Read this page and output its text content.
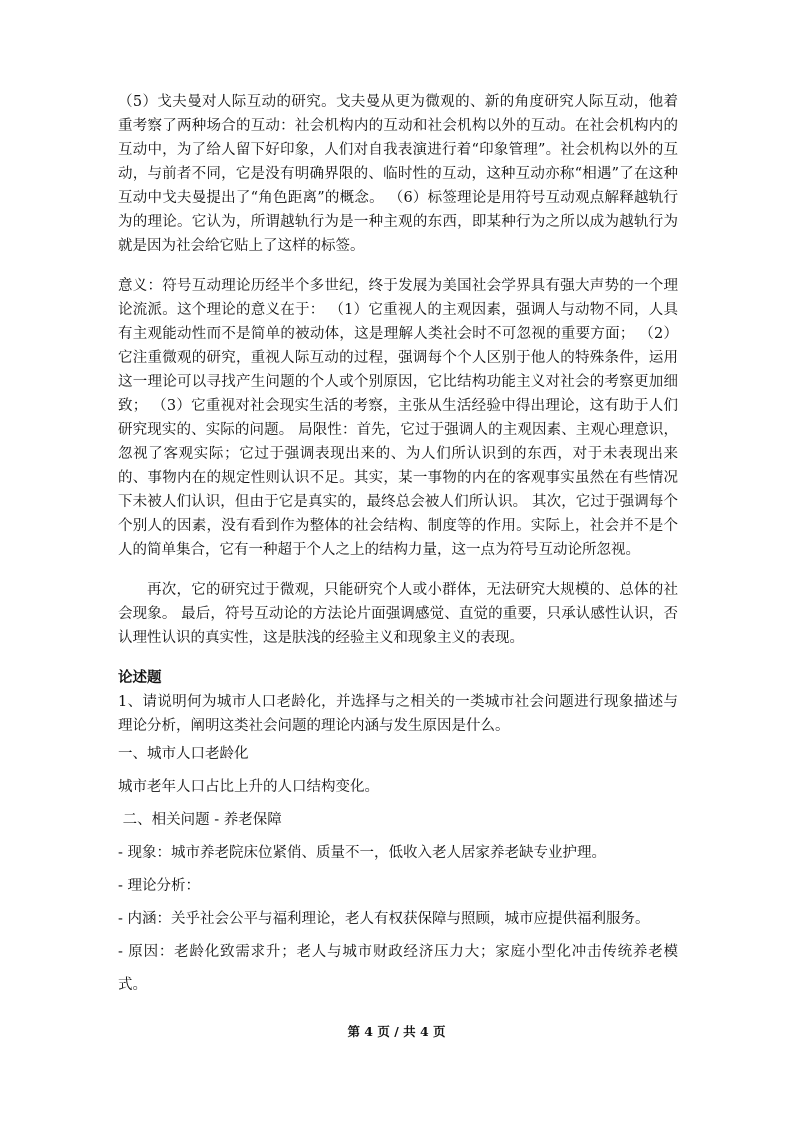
（5）戈夫曼对人际互动的研究。戈夫曼从更为微观的、新的角度研究人际互动，他着重考察了两种场合的互动：社会机构内的互动和社会机构以外的互动。在社会机构内的互动中，为了给人留下好印象，人们对自我表演进行着“印象管理”。社会机构以外的互动，与前者不同，它是没有明确界限的、临时性的互动，这种互动亦称“相遇”了在这种互动中戈夫曼提出了“角色距离”的概念。 （6）标签理论是用符号互动观点解释越轨行为的理论。它认为，所谓越轨行为是一种主观的东西，即某种行为之所以成为越轨行为就是因为社会给它贴上了这样的标签。

意义：符号互动理论历经半个多世纪，终于发展为美国社会学界具有强大声势的一个理论流派。这个理论的意义在于： （1）它重视人的主观因素，强调人与动物不同，人具有主观能动性而不是简单的被动体，这是理解人类社会时不可忽视的重要方面； （2）它注重微观的研究，重视人际互动的过程，强调每个个人区别于他人的特殊条件，运用这一理论可以寻找产生问题的个人或个别原因，它比结构功能主义对社会的考察更加细致； （3）它重视对社会现实生活的考察，主张从生活经验中得出理论，这有助于人们研究现实的、实际的问题。 局限性：首先，它过于强调人的主观因素、主观心理意识，忽视了客观实际；它过于强调表现出来的、为人们所认识到的东西，对于未表现出来的、事物内在的规定性则认识不足。其实，某一事物的内在的客观事实虽然在有些情况下未被人们认识，但由于它是真实的，最终总会被人们所认识。 其次，它过于强调每个个别人的因素，没有看到作为整体的社会结构、制度等的作用。实际上，社会并不是个人的简单集合，它有一种超于个人之上的结构力量，这一点为符号互动论所忽视。

再次，它的研究过于微观，只能研究个人或小群体，无法研究大规模的、总体的社会现象。 最后，符号互动论的方法论片面强调感觉、直觉的重要，只承认感性认识，否认理性认识的真实性，这是肤浅的经验主义和现象主义的表现。

论述题

1、请说明何为城市人口老龄化，并选择与之相关的一类城市社会问题进行现象描述与理论分析，阐明这类社会问题的理论内涵与发生原因是什么。

一、城市人口老龄化

城市老年人口占比上升的人口结构变化。

二、相关问题 - 养老保障

- 现象：城市养老院床位紧俏、质量不一，低收入老人居家养老缺专业护理。

- 理论分析：

- 内涵：关乎社会公平与福利理论，老人有权获保障与照顾，城市应提供福利服务。

- 原因：老龄化致需求升；老人与城市财政经济压力大；家庭小型化冲击传统养老模式。

第 4 页 / 共 4 页
